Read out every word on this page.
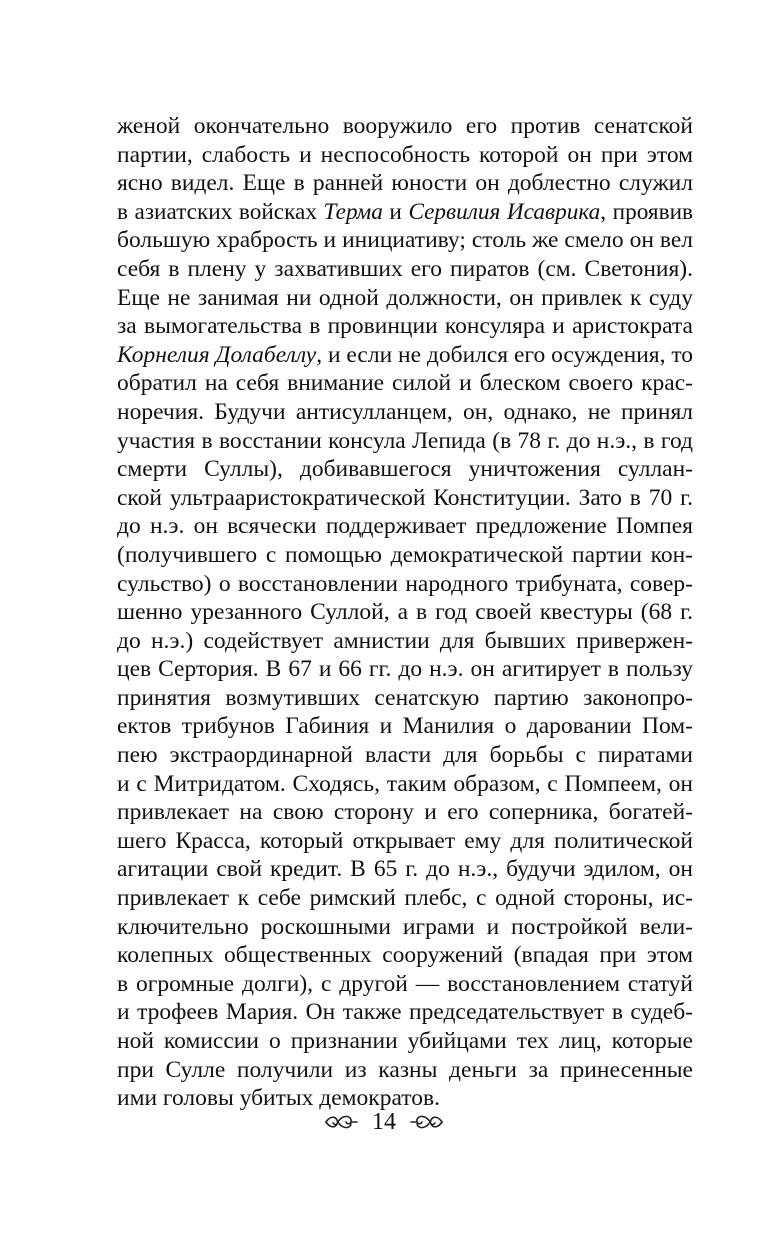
женой окончательно вооружило его против сенатской
партии, слабость и неспособность которой он при этом
ясно видел. Еще в ранней юности он доблестно служил
в азиатских войсках Терма и Сервилия Исаврика, проявив
большую храбрость и инициативу; столь же смело он вел
себя в плену у захвативших его пиратов (см. Светония).
Еще не занимая ни одной должности, он привлек к суду
за вымогательства в провинции консуляра и аристократа
Корнелия Долабеллу, и если не добился его осуждения, то
обратил на себя внимание силой и блеском своего крас-
норечия. Будучи антисулланцем, он, однако, не принял
участия в восстании консула Лепида (в 78 г. до н.э., в год
смерти Суллы), добивавшегося уничтожения суллан-
ской ультрааристократической Конституции. Зато в 70 г.
до н.э. он всячески поддерживает предложение Помпея
(получившего с помощью демократической партии кон-
сульство) о восстановлении народного трибуната, совер-
шенно урезанного Суллой, а в год своей квестуры (68 г.
до н.э.) содействует амнистии для бывших привержен-
цев Сертория. В 67 и 66 гг. до н.э. он агитирует в пользу
принятия возмутивших сенатскую партию законопро-
ектов трибунов Габиния и Манилия о даровании Пом-
пею экстраординарной власти для борьбы с пиратами
и с Митридатом. Сходясь, таким образом, с Помпеем, он
привлекает на свою сторону и его соперника, богатей-
шего Красса, который открывает ему для политической
агитации свой кредит. В 65 г. до н.э., будучи эдилом, он
привлекает к себе римский плебс, с одной стороны, ис-
ключительно роскошными играми и постройкой вели-
колепных общественных сооружений (впадая при этом
в огромные долги), с другой — восстановлением статуй
и трофеев Мария. Он также председательствует в судеб-
ной комиссии о признании убийцами тех лиц, которые
при Сулле получили из казны деньги за принесенные
ими головы убитых демократов.
14
